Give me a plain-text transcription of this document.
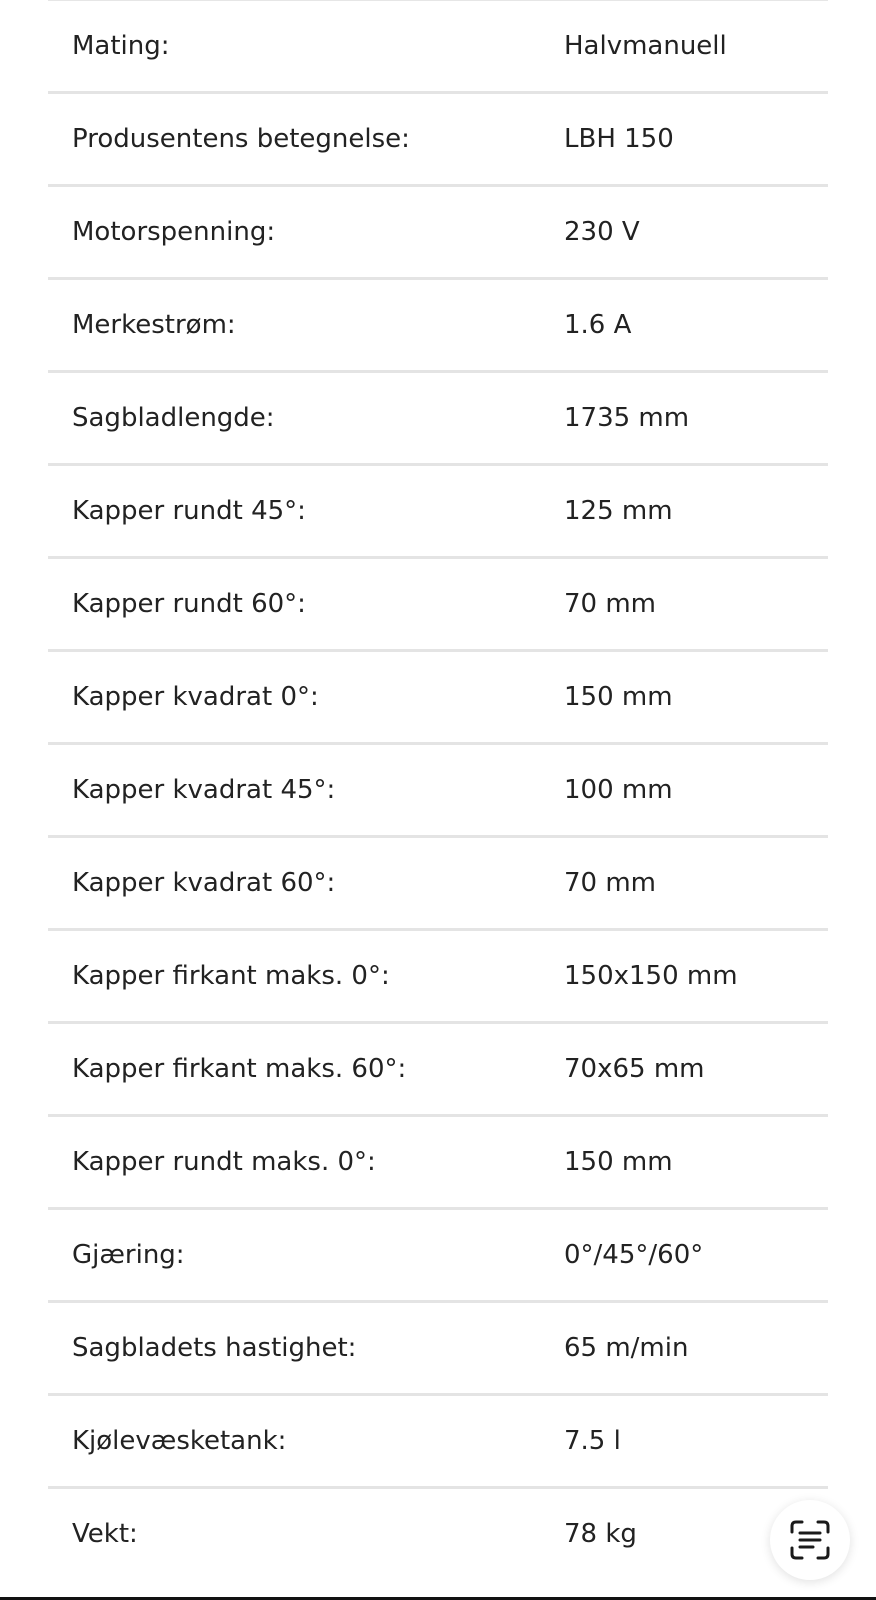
Mating:	Halvmanuell
Produsentens betegnelse:	LBH 150
Motorspenning:	230 V
Merkestrøm:	1.6 A
Sagbladlengde:	1735 mm
Kapper rundt 45°:	125 mm
Kapper rundt 60°:	70 mm
Kapper kvadrat 0°:	150 mm
Kapper kvadrat 45°:	100 mm
Kapper kvadrat 60°:	70 mm
Kapper firkant maks. 0°:	150x150 mm
Kapper firkant maks. 60°:	70x65 mm
Kapper rundt maks. 0°:	150 mm
Gjæring:	0°/45°/60°
Sagbladets hastighet:	65 m/min
Kjølevæsketank:	7.5 l
Vekt:	78 kg
